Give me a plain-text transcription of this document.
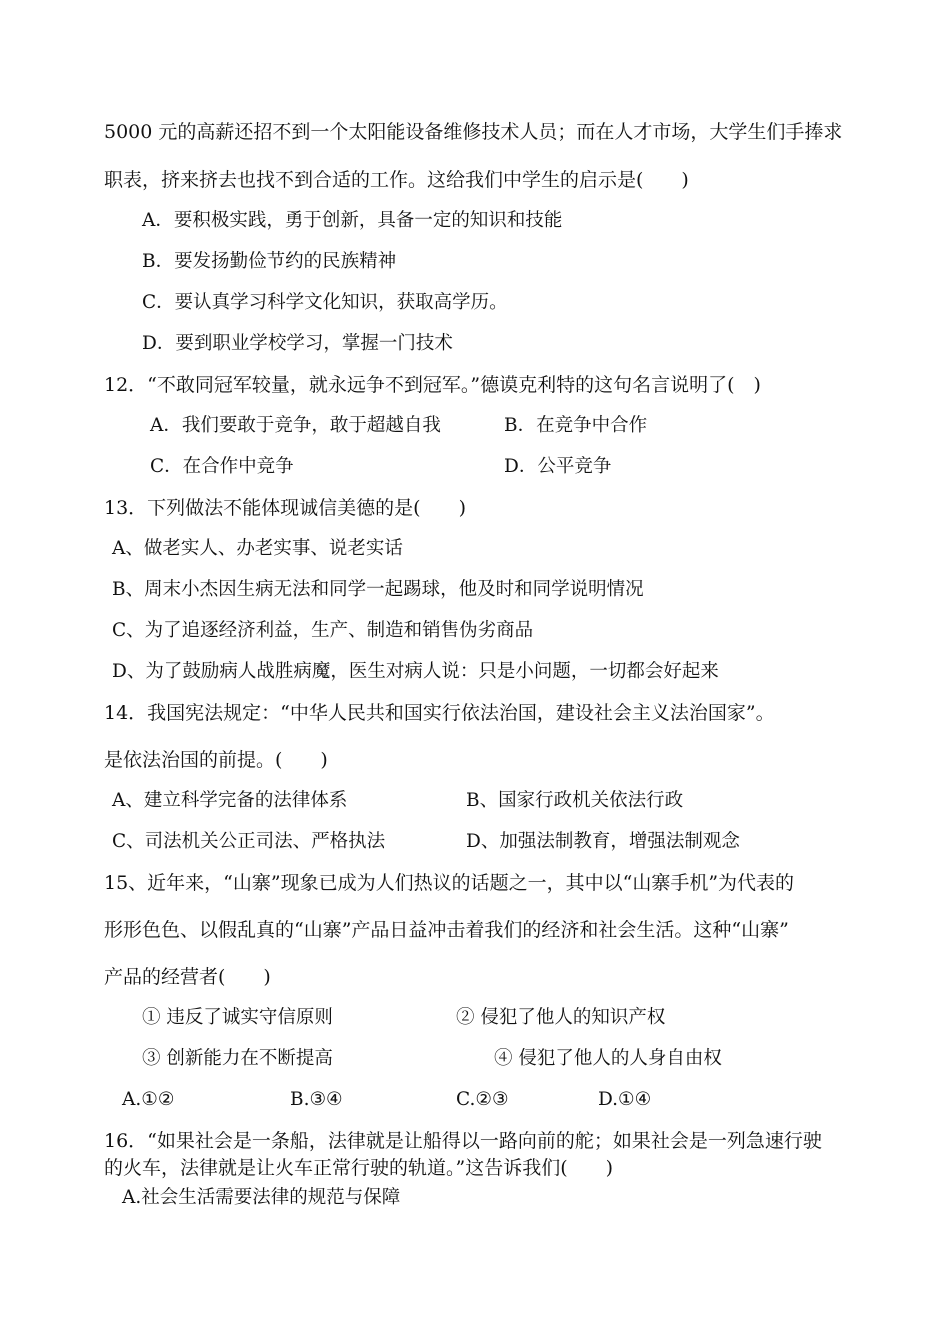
5000 元的高薪还招不到一个太阳能设备维修技术人员；而在人才市场，大学生们手捧求
职表，挤来挤去也找不到合适的工作。这给我们中学生的启示是(　　)
A．要积极实践，勇于创新，具备一定的知识和技能
B．要发扬勤俭节约的民族精神
C．要认真学习科学文化知识，获取高学历。
D．要到职业学校学习，掌握一门技术
12．“不敢同冠军较量，就永远争不到冠军。”德谟克利特的这句名言说明了(　)
A．我们要敢于竞争，敢于超越自我	B．在竞争中合作
C．在合作中竞争	D．公平竞争
13．下列做法不能体现诚信美德的是(　　)
A、做老实人、办老实事、说老实话
B、周末小杰因生病无法和同学一起踢球，他及时和同学说明情况
C、为了追逐经济利益，生产、制造和销售伪劣商品
D、为了鼓励病人战胜病魔，医生对病人说：只是小问题，一切都会好起来
14．我国宪法规定：“中华人民共和国实行依法治国，建设社会主义法治国家”。
是依法治国的前提。(　　)
A、建立科学完备的法律体系	B、国家行政机关依法行政
C、司法机关公正司法、严格执法	D、加强法制教育，增强法制观念
15、近年来，“山寨”现象已成为人们热议的话题之一，其中以“山寨手机”为代表的
形形色色、以假乱真的“山寨”产品日益冲击着我们的经济和社会生活。这种“山寨”
产品的经营者(　　)
① 违反了诚实守信原则	② 侵犯了他人的知识产权
③ 创新能力在不断提高	④ 侵犯了他人的人身自由权
A.①②	B.③④	C.②③	D.①④
16．“如果社会是一条船，法律就是让船得以一路向前的舵；如果社会是一列急速行驶
的火车，法律就是让火车正常行驶的轨道。”这告诉我们(　　)
A.社会生活需要法律的规范与保障
